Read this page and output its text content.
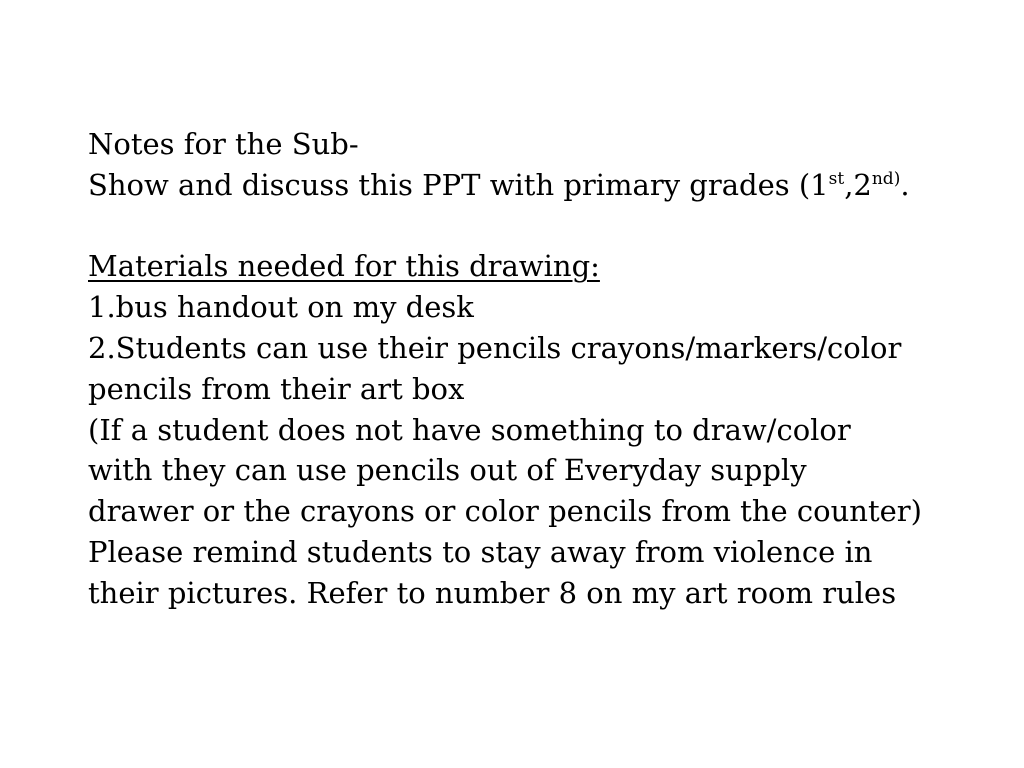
Notes for the Sub-
Show and discuss this PPT with primary grades ($1st,2^{nd)}$.
Materials needed for this drawing:
1.bus handout on my desk
2.Students can use their pencils crayons/markers/color
pencils from their art box
(If a student does not have something to draw/color
with they can use pencils out of Everyday supply
drawer or the crayons or color pencils from the counter)
Please remind students to stay away from violence in
their pictures. Refer to number 8 on my art room rules
